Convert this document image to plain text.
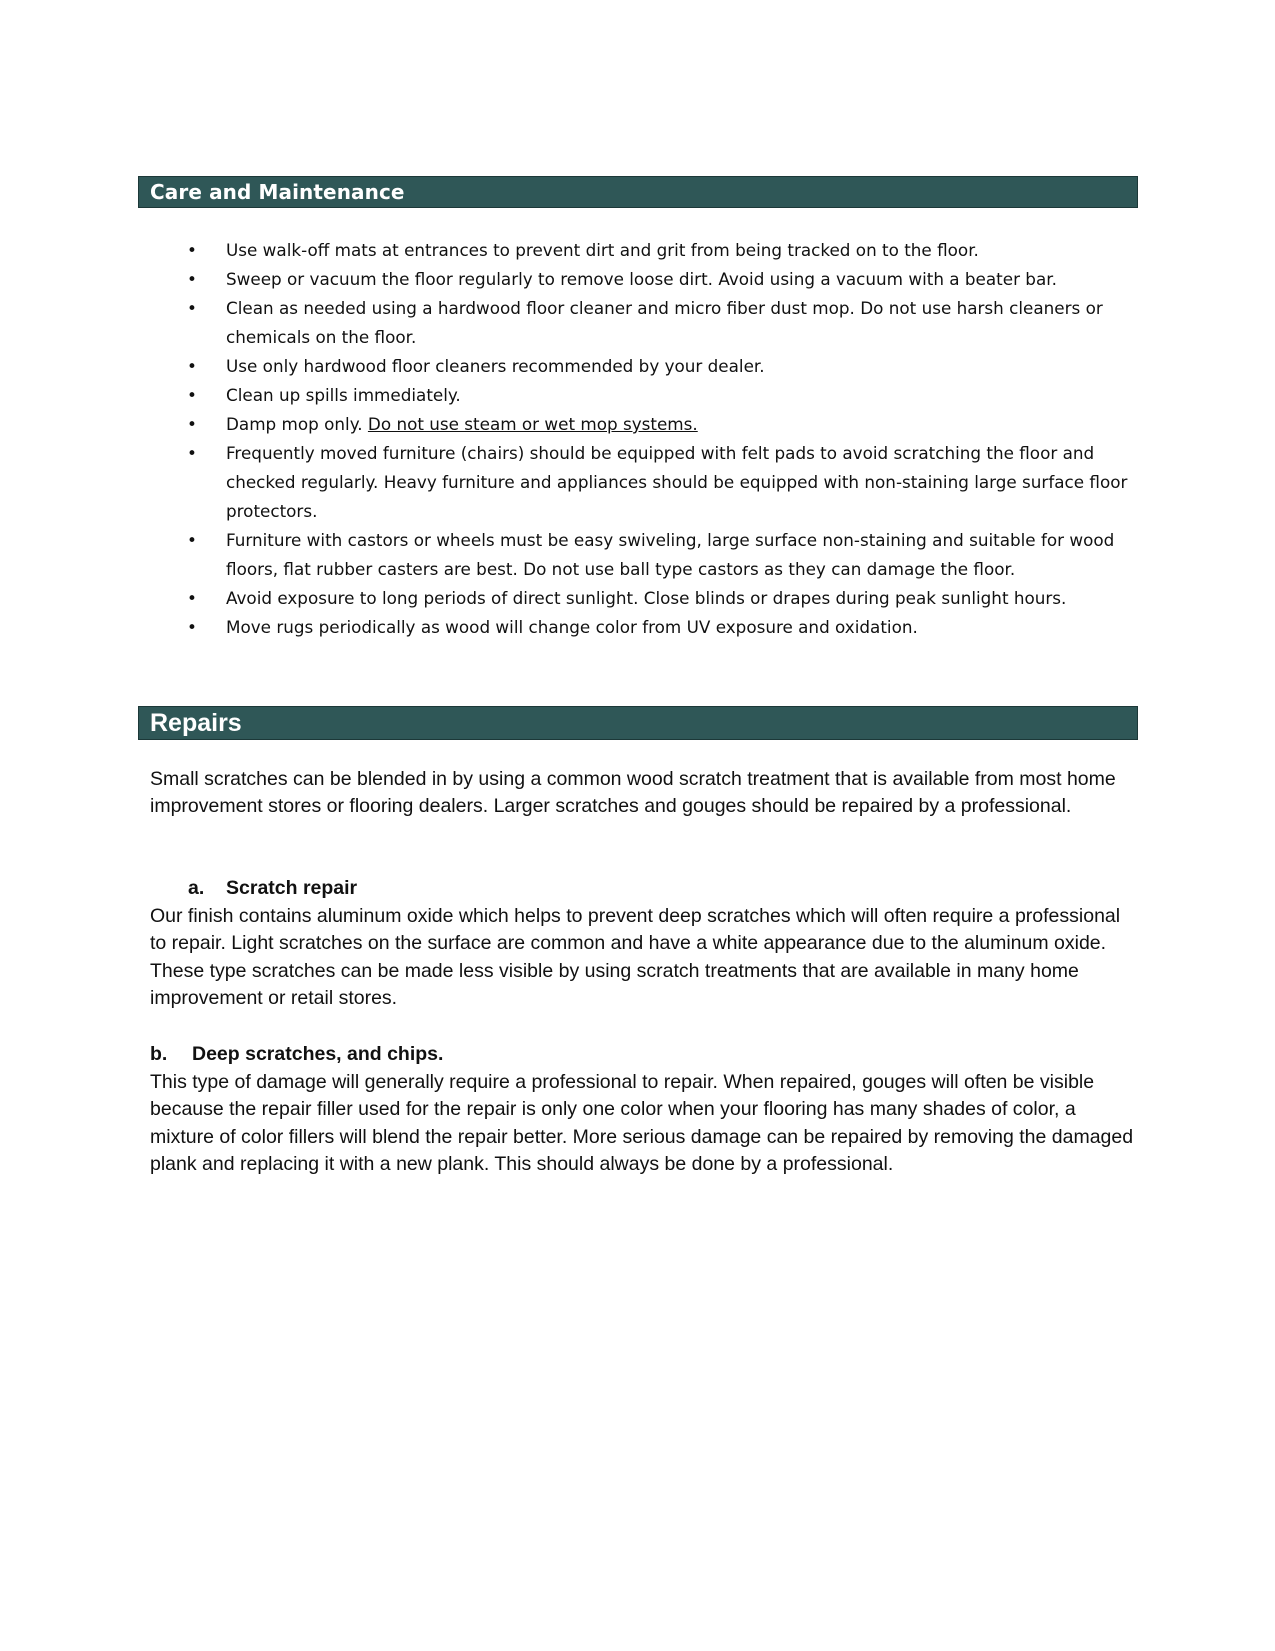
Care and Maintenance
• Use walk-off mats at entrances to prevent dirt and grit from being tracked on to the floor.
• Sweep or vacuum the floor regularly to remove loose dirt. Avoid using a vacuum with a beater bar.
• Clean as needed using a hardwood floor cleaner and micro fiber dust mop. Do not use harsh cleaners or chemicals on the floor.
• Use only hardwood floor cleaners recommended by your dealer.
• Clean up spills immediately.
• Damp mop only. Do not use steam or wet mop systems.
• Frequently moved furniture (chairs) should be equipped with felt pads to avoid scratching the floor and checked regularly. Heavy furniture and appliances should be equipped with non-staining large surface floor protectors.
• Furniture with castors or wheels must be easy swiveling, large surface non-staining and suitable for wood floors, flat rubber casters are best. Do not use ball type castors as they can damage the floor.
• Avoid exposure to long periods of direct sunlight. Close blinds or drapes during peak sunlight hours.
• Move rugs periodically as wood will change color from UV exposure and oxidation.
Repairs

Small scratches can be blended in by using a common wood scratch treatment that is available from most home improvement stores or flooring dealers. Larger scratches and gouges should be repaired by a professional.

a. Scratch repair

Our finish contains aluminum oxide which helps to prevent deep scratches which will often require a professional to repair. Light scratches on the surface are common and have a white appearance due to the aluminum oxide. These type scratches can be made less visible by using scratch treatments that are available in many home improvement or retail stores.

b. Deep scratches, and chips.

This type of damage will generally require a professional to repair. When repaired, gouges will often be visible because the repair filler used for the repair is only one color when your flooring has many shades of color, a mixture of color fillers will blend the repair better. More serious damage can be repaired by removing the damaged plank and replacing it with a new plank. This should always be done by a professional.
